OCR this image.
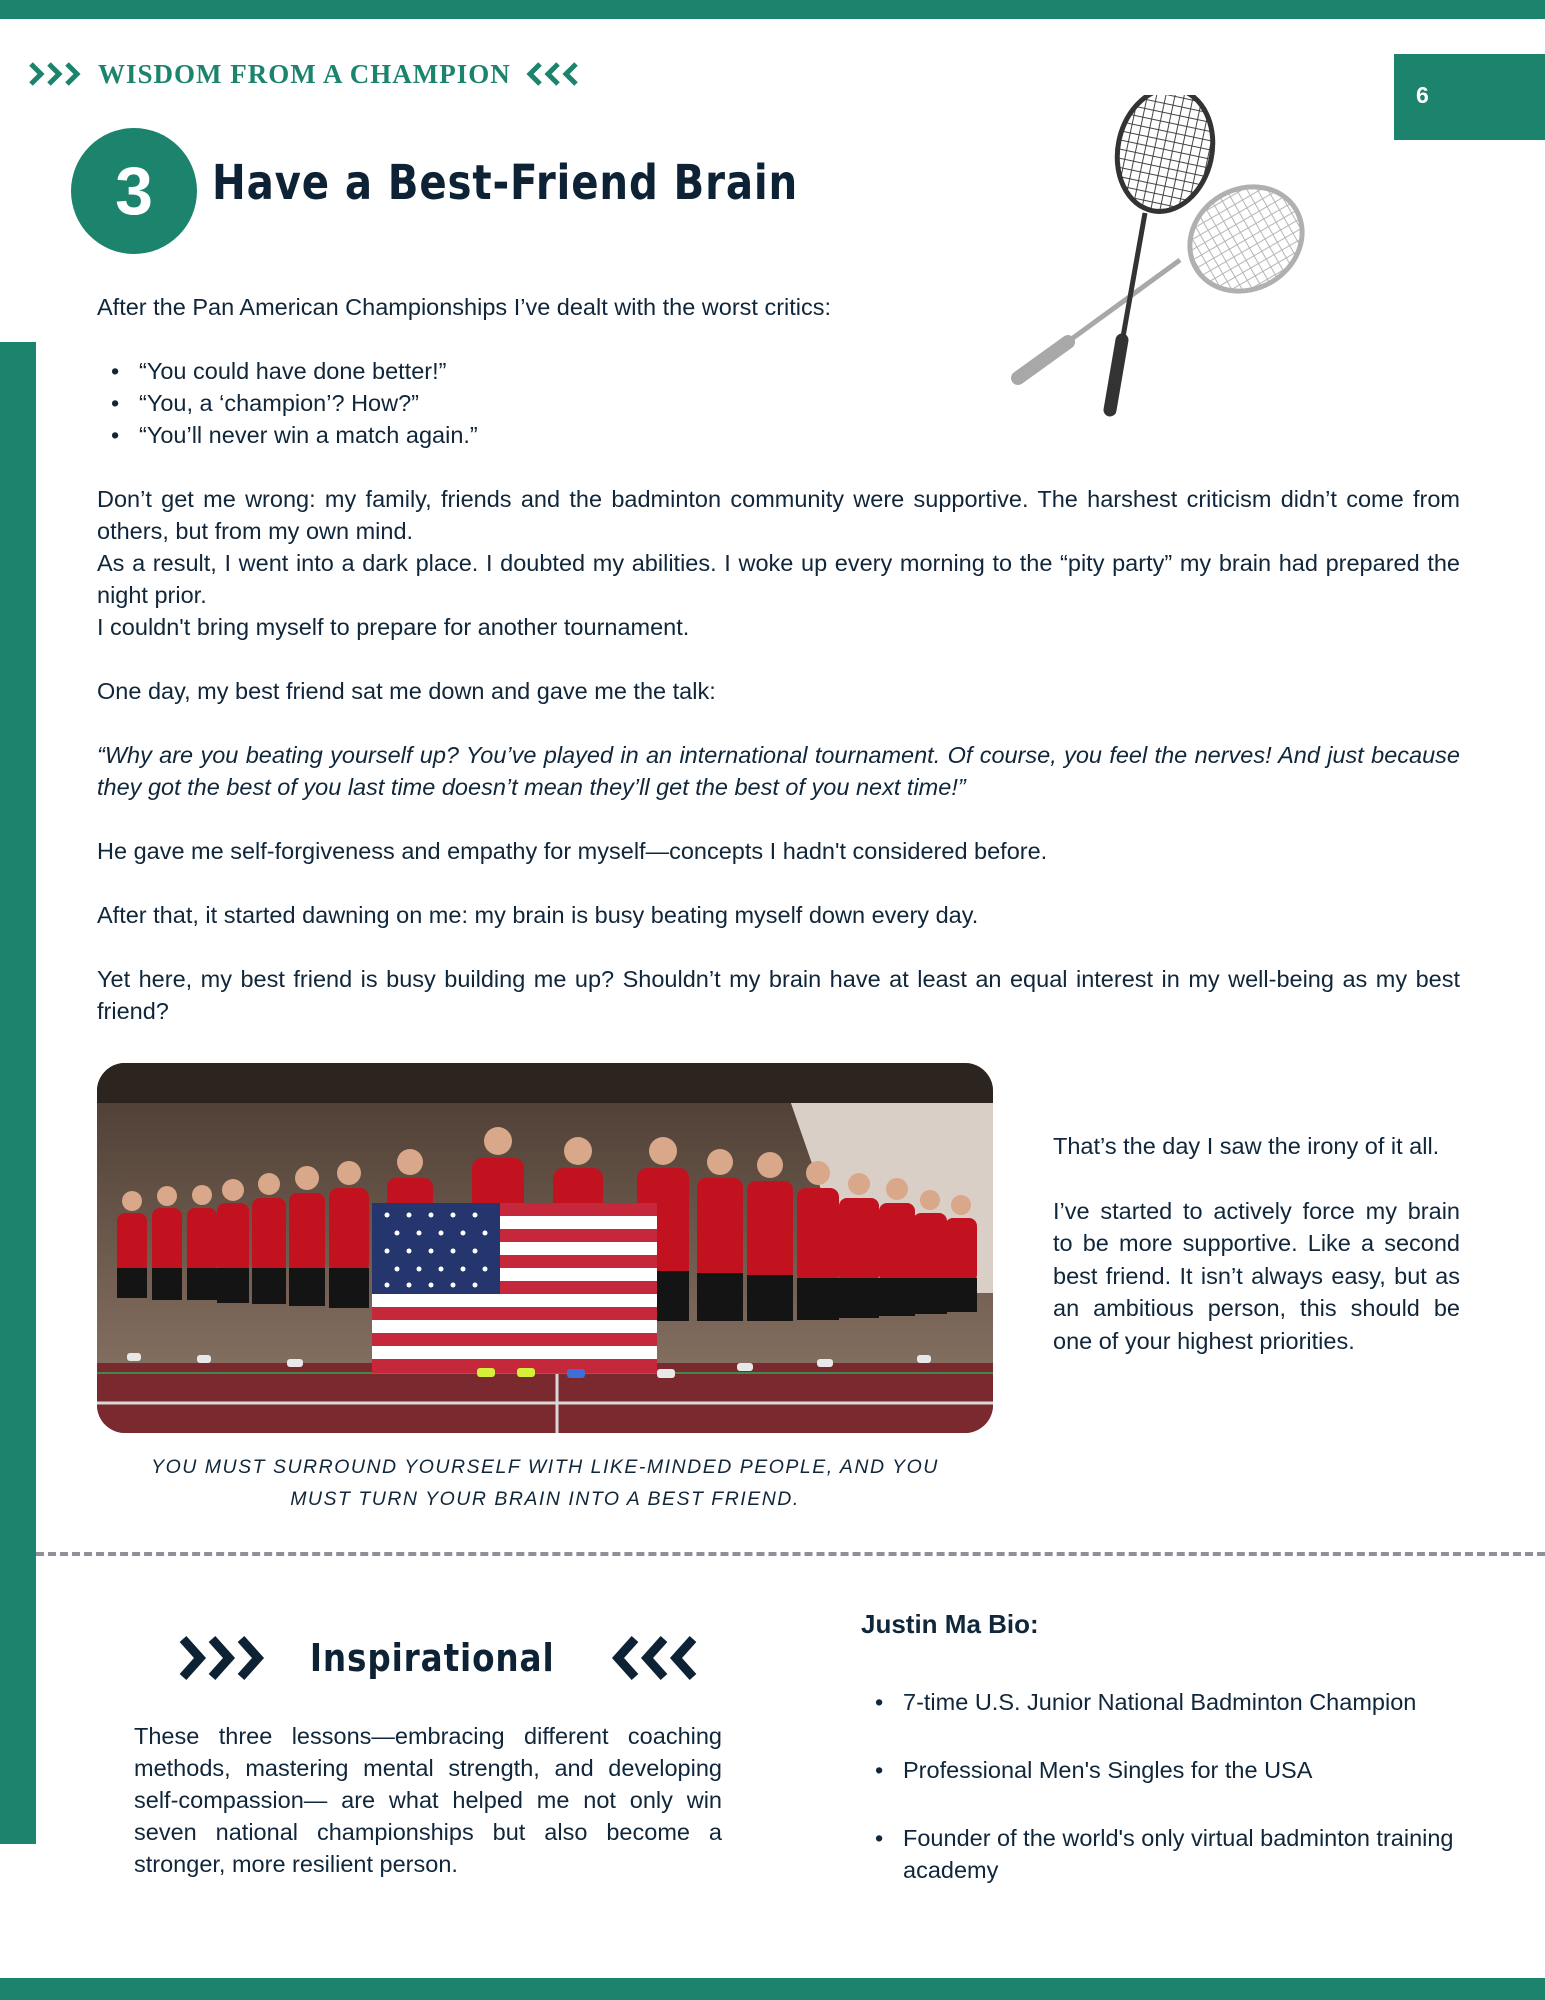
6
WISDOM FROM A CHAMPION
3 Have a Best-Friend Brain

After the Pan American Championships I’ve dealt with the worst critics:

• “You could have done better!”
• “You, a ‘champion’? How?”
• “You’ll never win a match again.”

Don’t get me wrong: my family, friends and the badminton community were supportive. The harshest criticism didn’t come from others, but from my own mind.

As a result, I went into a dark place. I doubted my abilities. I woke up every morning to the “pity party” my brain had prepared the night prior.

I couldn't bring myself to prepare for another tournament.

One day, my best friend sat me down and gave me the talk:

“Why are you beating yourself up? You’ve played in an international tournament. Of course, you feel the nerves! And just because they got the best of you last time doesn’t mean they’ll get the best of you next time!”

He gave me self-forgiveness and empathy for myself—concepts I hadn't considered before.

After that, it started dawning on me: my brain is busy beating myself down every day.

Yet here, my best friend is busy building me up? Shouldn’t my brain have at least an equal interest in my well-being as my best friend?

YOU MUST SURROUND YOURSELF WITH LIKE-MINDED PEOPLE, AND YOU MUST TURN YOUR BRAIN INTO A BEST FRIEND.

That’s the day I saw the irony of it all.

I’ve started to actively force my brain to be more supportive. Like a second best friend. It isn’t always easy, but as an ambitious person, this should be one of your highest priorities.

Inspirational
These three lessons—embracing different coaching methods, mastering mental strength, and developing self-compassion— are what helped me not only win seven national championships but also become a stronger, more resilient person.
Justin Ma Bio:
• 7-time U.S. Junior National Badminton Champion
• Professional Men's Singles for the USA
• Founder of the world's only virtual badminton training academy
